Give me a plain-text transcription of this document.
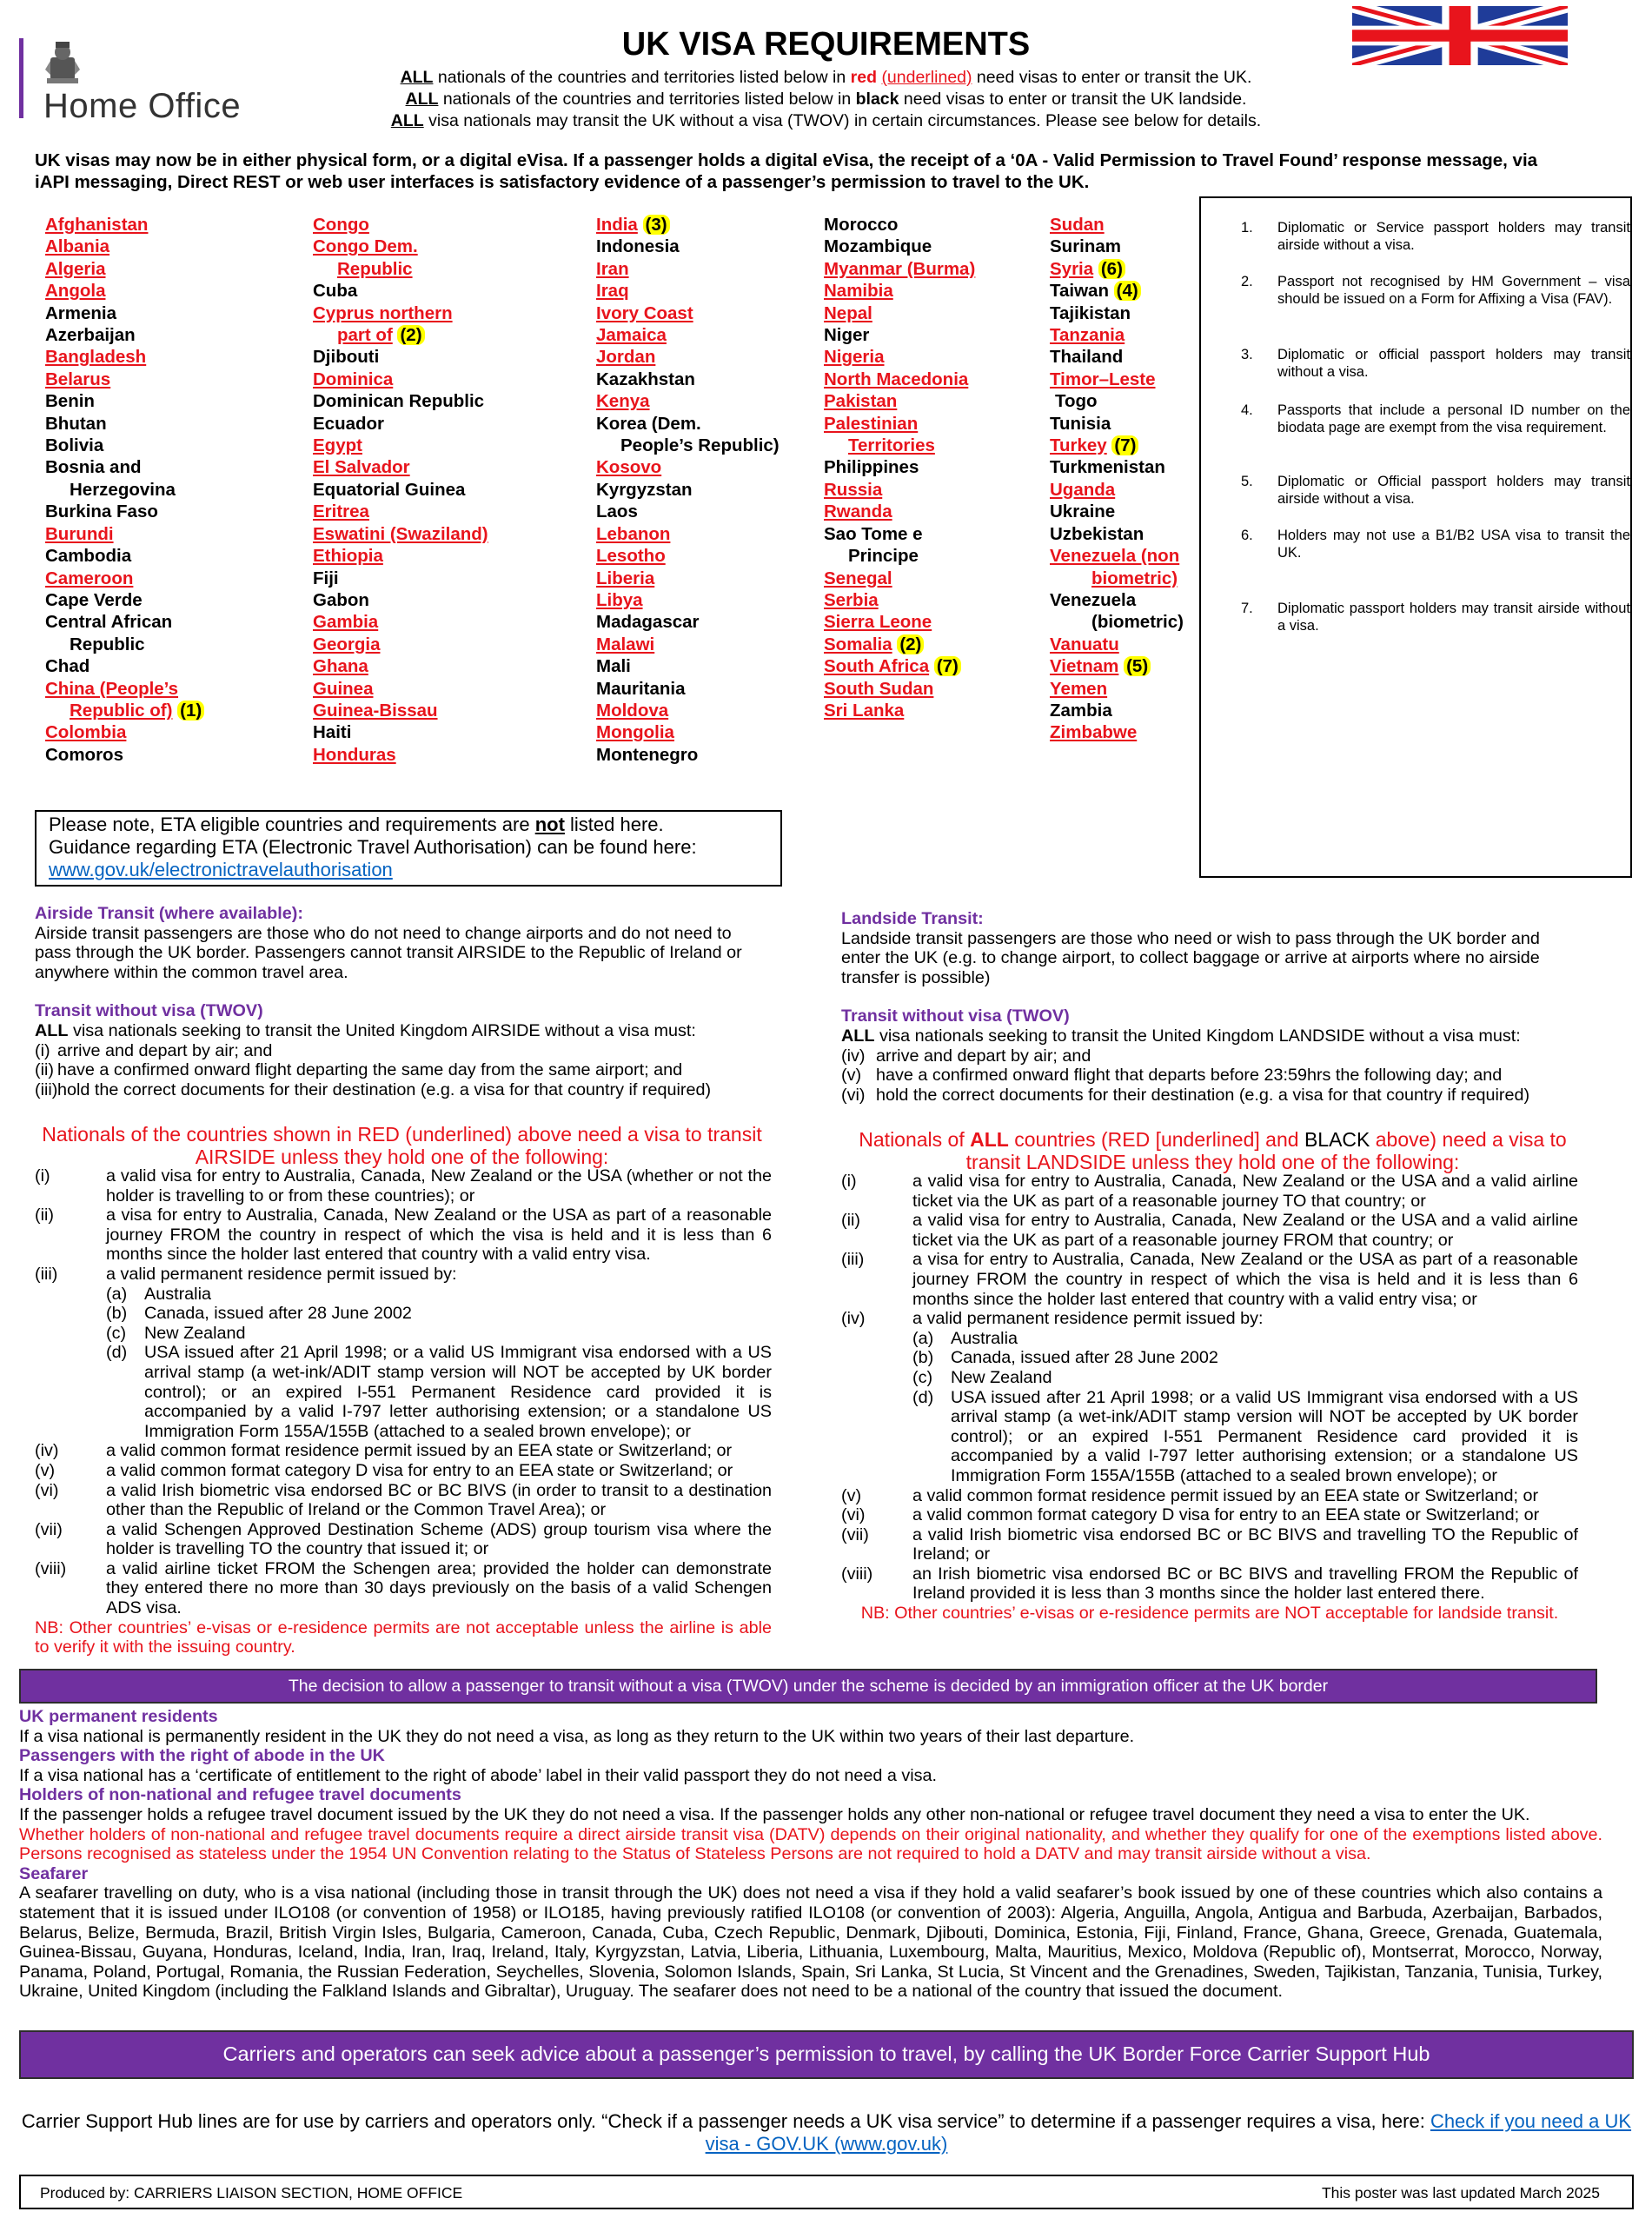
Home Office
UK VISA REQUIREMENTS
ALL nationals of the countries and territories listed below in red (underlined) need visas to enter or transit the UK.
ALL nationals of the countries and territories listed below in black need visas to enter or transit the UK landside.
ALL visa nationals may transit the UK without a visa (TWOV) in certain circumstances. Please see below for details.
UK visas may now be in either physical form, or a digital eVisa. If a passenger holds a digital eVisa, the receipt of a ‘0A - Valid Permission to Travel Found’ response message, via iAPI messaging, Direct REST or web user interfaces is satisfactory evidence of a passenger’s permission to travel to the UK.
Afghanistan
Albania
Algeria
Angola
Armenia
Azerbaijan
Bangladesh
Belarus
Benin
Bhutan
Bolivia
Bosnia and
Herzegovina
Burkina Faso
Burundi
Cambodia
Cameroon
Cape Verde
Central African
Republic
Chad
China (People’s
Republic of) (1)
Colombia
Comoros
Congo
Congo Dem.
Republic
Cuba
Cyprus northern
part of (2)
Djibouti
Dominica
Dominican Republic
Ecuador
Egypt
El Salvador
Equatorial Guinea
Eritrea
Eswatini (Swaziland)
Ethiopia
Fiji
Gabon
Gambia
Georgia
Ghana
Guinea
Guinea-Bissau
Haiti
Honduras
India (3)
Indonesia
Iran
Iraq
Ivory Coast
Jamaica
Jordan
Kazakhstan
Kenya
Korea (Dem.
People’s Republic)
Kosovo
Kyrgyzstan
Laos
Lebanon
Lesotho
Liberia
Libya
Madagascar
Malawi
Mali
Mauritania
Moldova
Mongolia
Montenegro
Morocco
Mozambique
Myanmar (Burma)
Namibia
Nepal
Niger
Nigeria
North Macedonia
Pakistan
Palestinian
Territories
Philippines
Russia
Rwanda
Sao Tome e
Principe
Senegal
Serbia
Sierra Leone
Somalia (2)
South Africa (7)
South Sudan
Sri Lanka
Sudan
Surinam
Syria (6)
Taiwan (4)
Tajikistan
Tanzania
Thailand
Timor–Leste
Togo
Tunisia
Turkey (7)
Turkmenistan
Uganda
Ukraine
Uzbekistan
Venezuela (non
biometric)
Venezuela
(biometric)
Vanuatu
Vietnam (5)
Yemen
Zambia
Zimbabwe
1.	Diplomatic or Service passport holders may transit airside without a visa.
2.	Passport not recognised by HM Government – visa should be issued on a Form for Affixing a Visa (FAV).
3.	Diplomatic or official passport holders may transit without a visa.
4.	Passports that include a personal ID number on the biodata page are exempt from the visa requirement.
5.	Diplomatic or Official passport holders may transit airside without a visa.
6.	Holders may not use a B1/B2 USA visa to transit the UK.
7.	Diplomatic passport holders may transit airside without a visa.
Please note, ETA eligible countries and requirements are not listed here.
Guidance regarding ETA (Electronic Travel Authorisation) can be found here:
www.gov.uk/electronictravelauthorisation
Airside Transit (where available):
Airside transit passengers are those who do not need to change airports and do not need to pass through the UK border. Passengers cannot transit AIRSIDE to the Republic of Ireland or anywhere within the common travel area.
Transit without visa (TWOV)
ALL visa nationals seeking to transit the United Kingdom AIRSIDE without a visa must:
(i) arrive and depart by air; and
(ii) have a confirmed onward flight departing the same day from the same airport; and
(iii) hold the correct documents for their destination (e.g. a visa for that country if required)
Nationals of the countries shown in RED (underlined) above need a visa to transit
AIRSIDE unless they hold one of the following:
(i)	a valid visa for entry to Australia, Canada, New Zealand or the USA (whether or not the holder is travelling to or from these countries); or
(ii)	a visa for entry to Australia, Canada, New Zealand or the USA as part of a reasonable journey FROM the country in respect of which the visa is held and it is less than 6 months since the holder last entered that country with a valid entry visa.
(iii)	a valid permanent residence permit issued by:
(a) Australia
(b) Canada, issued after 28 June 2002
(c) New Zealand
(d) USA issued after 21 April 1998; or a valid US Immigrant visa endorsed with a US arrival stamp (a wet-ink/ADIT stamp version will NOT be accepted by UK border control); or an expired I-551 Permanent Residence card provided it is accompanied by a valid I-797 letter authorising extension; or a standalone US Immigration Form 155A/155B (attached to a sealed brown envelope); or
(iv)	a valid common format residence permit issued by an EEA state or Switzerland; or
(v)	a valid common format category D visa for entry to an EEA state or Switzerland; or
(vi)	a valid Irish biometric visa endorsed BC or BC BIVS (in order to transit to a destination other than the Republic of Ireland or the Common Travel Area); or
(vii)	a valid Schengen Approved Destination Scheme (ADS) group tourism visa where the holder is travelling TO the country that issued it; or
(viii) a valid airline ticket FROM the Schengen area; provided the holder can demonstrate they entered there no more than 30 days previously on the basis of a valid Schengen ADS visa.
NB: Other countries’ e-visas or e-residence permits are not acceptable unless the airline is able to verify it with the issuing country.
Landside Transit:
Landside transit passengers are those who need or wish to pass through the UK border and enter the UK (e.g. to change airport, to collect baggage or arrive at airports where no airside transfer is possible)
Transit without visa (TWOV)
ALL visa nationals seeking to transit the United Kingdom LANDSIDE without a visa must:
(iv) arrive and depart by air; and
(v) have a confirmed onward flight that departs before 23:59hrs the following day; and
(vi) hold the correct documents for their destination (e.g. a visa for that country if required)
Nationals of ALL countries (RED [underlined] and BLACK above) need a visa to
transit LANDSIDE unless they hold one of the following:
(i)	a valid visa for entry to Australia, Canada, New Zealand or the USA and a valid airline ticket via the UK as part of a reasonable journey TO that country; or
(ii)	a valid visa for entry to Australia, Canada, New Zealand or the USA and a valid airline ticket via the UK as part of a reasonable journey FROM that country; or
(iii)	a visa for entry to Australia, Canada, New Zealand or the USA as part of a reasonable journey FROM the country in respect of which the visa is held and it is less than 6 months since the holder last entered that country with a valid entry visa; or
(iv)	a valid permanent residence permit issued by:
(a) Australia
(b) Canada, issued after 28 June 2002
(c) New Zealand
(d) USA issued after 21 April 1998; or a valid US Immigrant visa endorsed with a US arrival stamp (a wet-ink/ADIT stamp version will NOT be accepted by UK border control); or an expired I-551 Permanent Residence card provided it is accompanied by a valid I-797 letter authorising extension; or a standalone US Immigration Form 155A/155B (attached to a sealed brown envelope); or
(v)	a valid common format residence permit issued by an EEA state or Switzerland; or
(vi)	a valid common format category D visa for entry to an EEA state or Switzerland; or
(vii)	a valid Irish biometric visa endorsed BC or BC BIVS and travelling TO the Republic of Ireland; or
(viii) an Irish biometric visa endorsed BC or BC BIVS and travelling FROM the Republic of Ireland provided it is less than 3 months since the holder last entered there.
NB: Other countries’ e-visas or e-residence permits are NOT acceptable for landside transit.
The decision to allow a passenger to transit without a visa (TWOV) under the scheme is decided by an immigration officer at the UK border
UK permanent residents
If a visa national is permanently resident in the UK they do not need a visa, as long as they return to the UK within two years of their last departure.
Passengers with the right of abode in the UK
If a visa national has a ‘certificate of entitlement to the right of abode’ label in their valid passport they do not need a visa.
Holders of non-national and refugee travel documents
If the passenger holds a refugee travel document issued by the UK they do not need a visa. If the passenger holds any other non-national or refugee travel document they need a visa to enter the UK.
Whether holders of non-national and refugee travel documents require a direct airside transit visa (DATV) depends on their original nationality, and whether they qualify for one of the exemptions listed above. Persons recognised as stateless under the 1954 UN Convention relating to the Status of Stateless Persons are not required to hold a DATV and may transit airside without a visa.
Seafarer
A seafarer travelling on duty, who is a visa national (including those in transit through the UK) does not need a visa if they hold a valid seafarer’s book issued by one of these countries which also contains a statement that it is issued under ILO108 (or convention of 1958) or ILO185, having previously ratified ILO108 (or convention of 2003): Algeria, Anguilla, Angola, Antigua and Barbuda, Azerbaijan, Barbados, Belarus, Belize, Bermuda, Brazil, British Virgin Isles, Bulgaria, Cameroon, Canada, Cuba, Czech Republic, Denmark, Djibouti, Dominica, Estonia, Fiji, Finland, France, Ghana, Greece, Grenada, Guatemala, Guinea-Bissau, Guyana, Honduras, Iceland, India, Iran, Iraq, Ireland, Italy, Kyrgyzstan, Latvia, Liberia, Lithuania, Luxembourg, Malta, Mauritius, Mexico, Moldova (Republic of), Montserrat, Morocco, Norway, Panama, Poland, Portugal, Romania, the Russian Federation, Seychelles, Slovenia, Solomon Islands, Spain, Sri Lanka, St Lucia, St Vincent and the Grenadines, Sweden, Tajikistan, Tanzania, Tunisia, Turkey, Ukraine, United Kingdom (including the Falkland Islands and Gibraltar), Uruguay. The seafarer does not need to be a national of the country that issued the document.
Carriers and operators can seek advice about a passenger’s permission to travel, by calling the UK Border Force Carrier Support Hub
Carrier Support Hub lines are for use by carriers and operators only. “Check if a passenger needs a UK visa service” to determine if a passenger requires a visa, here: Check if you need a UK visa - GOV.UK (www.gov.uk)
Produced by: CARRIERS LIAISON SECTION, HOME OFFICE	This poster was last updated March 2025
